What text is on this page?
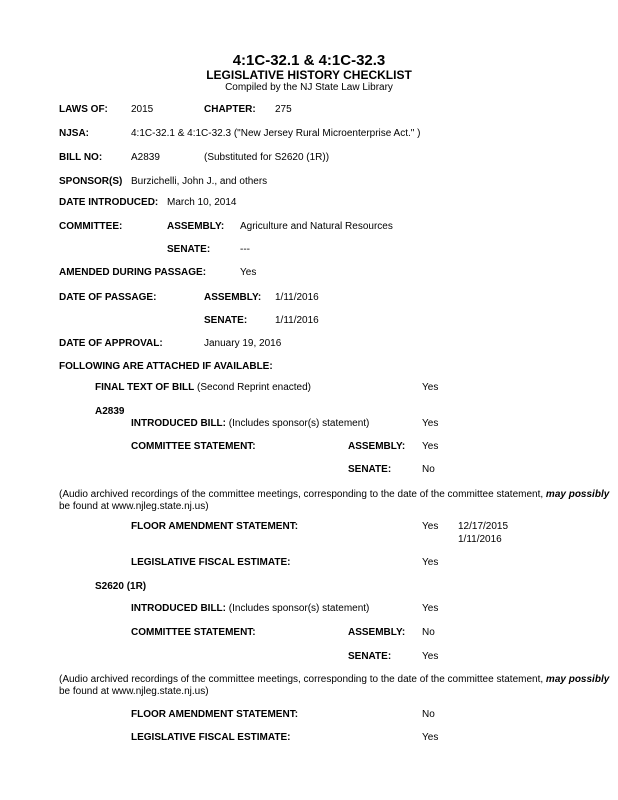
4:1C-32.1 & 4:1C-32.3
LEGISLATIVE HISTORY CHECKLIST
Compiled by the NJ State Law Library
LAWS OF: 2015	CHAPTER: 275
NJSA:	4:1C-32.1 & 4:1C-32.3 ("New Jersey Rural Microenterprise Act." )
BILL NO:	A2839	(Substituted for S2620 (1R))
SPONSOR(S) Burzichelli, John J., and others
DATE INTRODUCED: March 10, 2014
COMMITTEE:	ASSEMBLY: Agriculture and Natural Resources
SENATE:	---
AMENDED DURING PASSAGE:	Yes
DATE OF PASSAGE:	ASSEMBLY: 1/11/2016
SENATE:	1/11/2016
DATE OF APPROVAL:	January 19, 2016
FOLLOWING ARE ATTACHED IF AVAILABLE:
FINAL TEXT OF BILL (Second Reprint enacted)	Yes
A2839
INTRODUCED BILL: (Includes sponsor(s) statement)	Yes
COMMITTEE STATEMENT:	ASSEMBLY: Yes
SENATE:	No
(Audio archived recordings of the committee meetings, corresponding to the date of the committee statement, may possibly
be found at www.njleg.state.nj.us)
FLOOR AMENDMENT STATEMENT:	Yes 12/17/2015
1/11/2016
LEGISLATIVE FISCAL ESTIMATE:	Yes
S2620 (1R)
INTRODUCED BILL: (Includes sponsor(s) statement)	Yes
COMMITTEE STATEMENT:	ASSEMBLY: No
SENATE:	Yes
(Audio archived recordings of the committee meetings, corresponding to the date of the committee statement, may possibly
be found at www.njleg.state.nj.us)
FLOOR AMENDMENT STATEMENT:	No
LEGISLATIVE FISCAL ESTIMATE:	Yes
